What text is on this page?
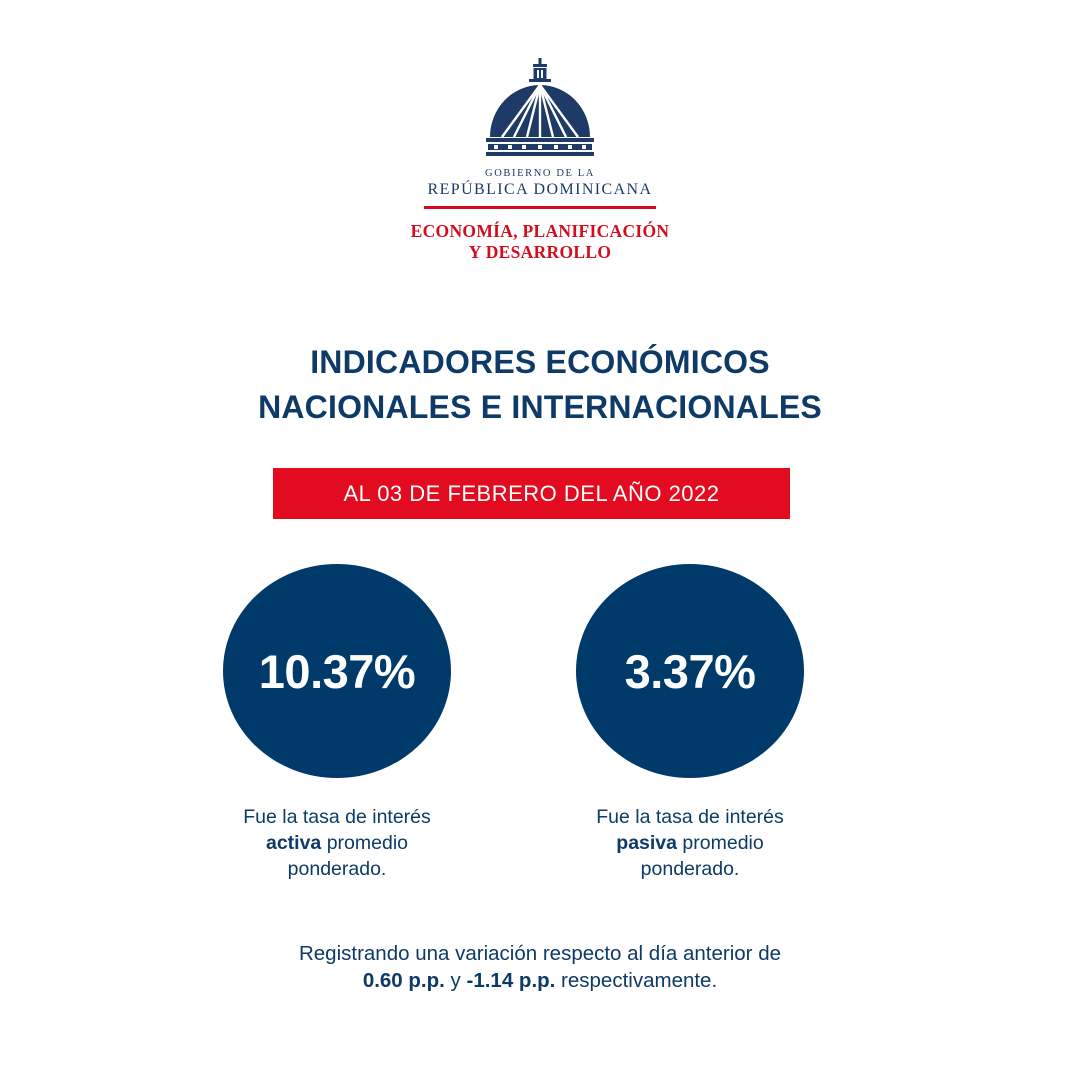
GOBIERNO DE LA
REPÚBLICA DOMINICANA
ECONOMÍA, PLANIFICACIÓN
Y DESARROLLO
INDICADORES ECONÓMICOS
NACIONALES E INTERNACIONALES
AL 03 DE FEBRERO DEL AÑO 2022
10.37%	3.37%
Fue la tasa de interés
activa promedio
ponderado.
Fue la tasa de interés
pasiva promedio
ponderado.
Registrando una variación respecto al día anterior de
0.60 p.p. y -1.14 p.p. respectivamente.
